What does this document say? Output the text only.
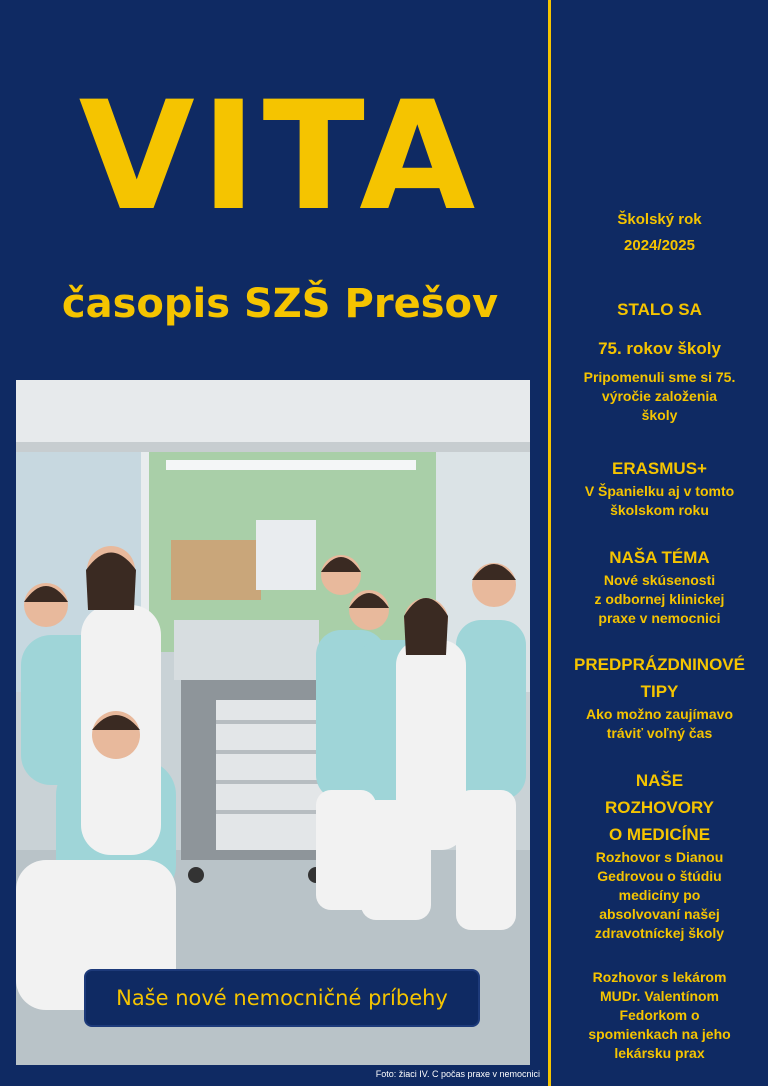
VITA
časopis SZŠ Prešov
Naše nové nemocničné príbehy
Foto: žiaci IV. C počas praxe v nemocnici
Školský rok
2024/2025
STALO SA
75. rokov školy
Pripomenuli sme si 75.
výročie založenia
školy
ERASMUS+
V Španielku aj v tomto
školskom roku
NAŠA TÉMA
Nové skúsenosti
z odbornej klinickej
praxe v nemocnici
PREDPRÁZDNINOVÉ
TIPY
Ako možno zaujímavo
tráviť voľný čas
NAŠE
ROZHOVORY
O MEDICÍNE
Rozhovor s Dianou
Gedrovou o štúdiu
medicíny po
absolvovaní našej
zdravotníckej školy
Rozhovor s lekárom
MUDr. Valentínom
Fedorkom o
spomienkach na jeho
lekársku prax
